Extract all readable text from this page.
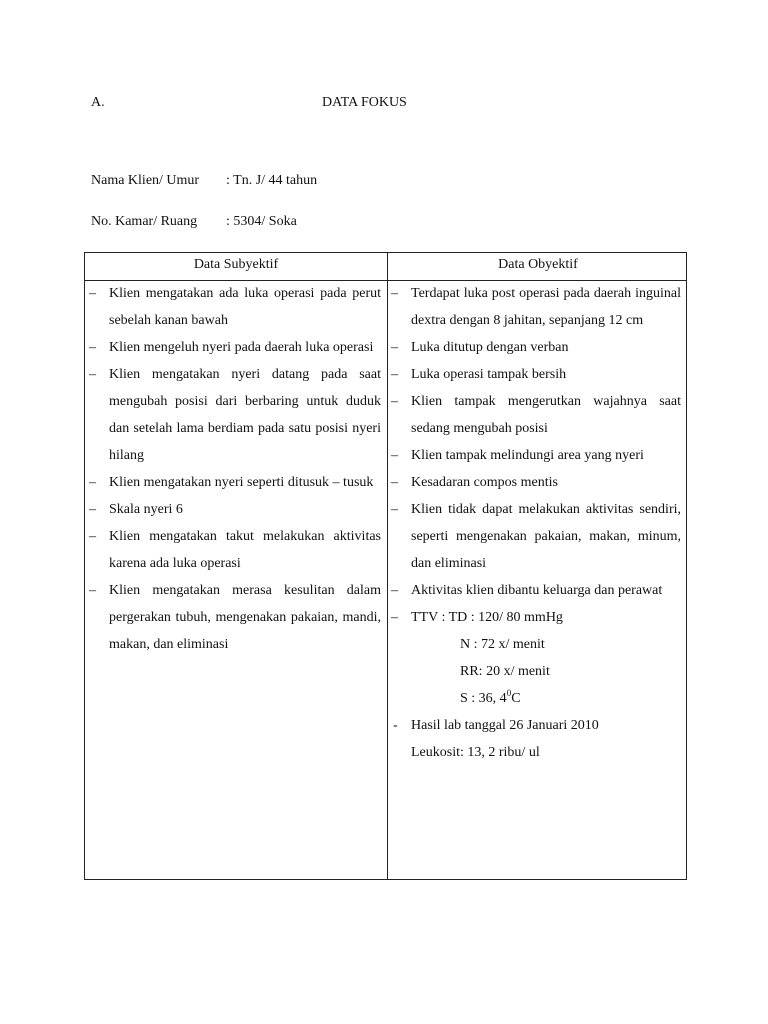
A.	DATA FOKUS
Nama Klien/ Umur : Tn. J/ 44 tahun
No. Kamar/ Ruang : 5304/ Soka
Data Subyektif	Data Obyektif
– Klien mengatakan ada luka operasi pada perut sebelah kanan bawah
– Klien mengeluh nyeri pada daerah luka operasi
– Klien mengatakan nyeri datang pada saat mengubah posisi dari berbaring untuk duduk dan setelah lama berdiam pada satu posisi nyeri hilang
– Klien mengatakan nyeri seperti ditusuk – tusuk
– Skala nyeri 6
– Klien mengatakan takut melakukan aktivitas karena ada luka operasi
– Klien mengatakan merasa kesulitan dalam pergerakan tubuh, mengenakan pakaian, mandi, makan, dan eliminasi
– Terdapat luka post operasi pada daerah inguinal dextra dengan 8 jahitan, sepanjang 12 cm
– Luka ditutup dengan verban
– Luka operasi tampak bersih
– Klien tampak mengerutkan wajahnya saat sedang mengubah posisi
– Klien tampak melindungi area yang nyeri
– Kesadaran compos mentis
– Klien tidak dapat melakukan aktivitas sendiri, seperti mengenakan pakaian, makan, minum, dan eliminasi
– Aktivitas klien dibantu keluarga dan perawat
– TTV : TD : 120/ 80 mmHg
N : 72 x/ menit
RR: 20 x/ menit
S : 36, 40C
- Hasil lab tanggal 26 Januari 2010
Leukosit: 13, 2 ribu/ ul
